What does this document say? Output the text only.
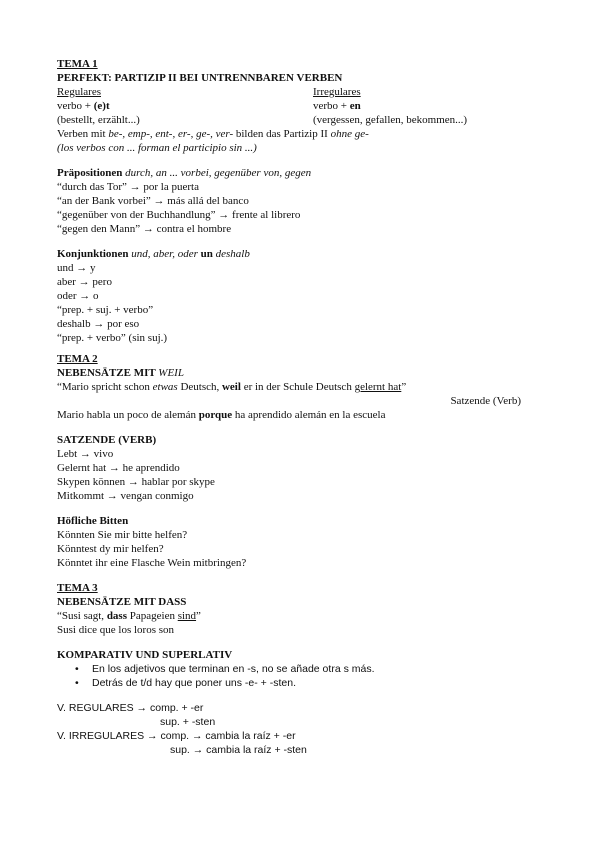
TEMA 1
PERFEKT: PARTIZIP II BEI UNTRENNBAREN VERBEN
Regulares	Irregulares
verbo + (e)t	verbo + en
(bestellt, erzählt...)	(vergessen, gefallen, bekommen...)
Verben mit be-, emp-, ent-, er-, ge-, ver- bilden das Partizip II ohne ge-
(los verbos con ... forman el participio sin ...)
Präpositionen durch, an ... vorbei, gegenüber von, gegen
“durch das Tor” → por la puerta
“an der Bank vorbei” → más allá del banco
“gegenüber von der Buchhandlung” → frente al librero
“gegen den Mann” → contra el hombre
Konjunktionen und, aber, oder un deshalb
und → y
aber → pero
oder → o
“prep. + suj. + verbo”
deshalb → por eso
“prep. + verbo” (sin suj.)
TEMA 2
NEBENSÄTZE MIT WEIL
“Mario spricht schon etwas Deutsch, weil er in der Schule Deutsch gelernt hat”
Satzende (Verb)
Mario habla un poco de alemán porque ha aprendido alemán en la escuela
SATZENDE (VERB)
Lebt → vivo
Gelernt hat → he aprendido
Skypen können → hablar por skype
Mitkommt → vengan conmigo
Höfliche Bitten
Könnten Sie mir bitte helfen?
Könntest dy mir helfen?
Könntet ihr eine Flasche Wein mitbringen?
TEMA 3
NEBENSÄTZE MIT DASS
“Susi sagt, dass Papageien sind”
Susi dice que los loros son
KOMPARATIV UND SUPERLATIV
• En los adjetivos que terminan en -s, no se añade otra s más.
• Detrás de t/d hay que poner uns -e- + -sten.
V. REGULARES → comp. + -er
sup. + -sten
V. IRREGULARES → comp. → cambia la raíz + -er
sup. → cambia la raíz + -sten
